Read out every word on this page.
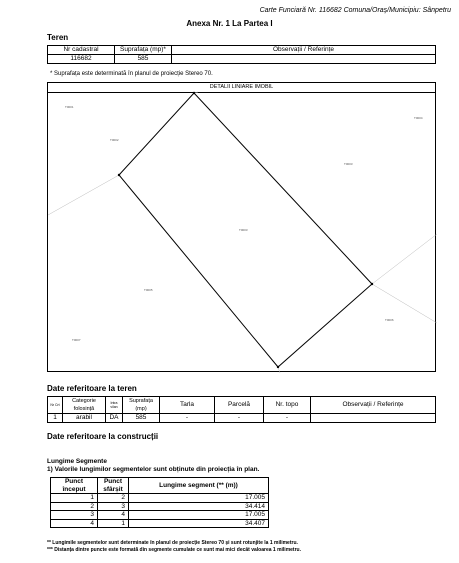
Carte Funciară Nr. 116682 Comuna/Oraș/Municipiu: Sânpetru
Anexa Nr. 1 La Partea I
Teren
Nr cadastral	Suprafața (mp)*	Observații / Referințe
116682	585	
* Suprafața este determinată în planul de proiecție Stereo 70.
DETALII LINIARE IMOBIL
T0001
T0002
T0003
T0004
T0005
T0006
T0007
T0003
Date referitoare la teren
Nr Crt	Categorie folosință	Intra vilan	Suprafața (mp)	Tarla	Parcelă	Nr. topo	Observații / Referințe
1	arabil	DA	585	-	-	-	
Date referitoare la construcții
Lungime Segmente
1) Valorile lungimilor segmentelor sunt obținute din proiecția în plan.
Punct început	Punct sfârșit	Lungime segment (** (m))
1	2	17.005
2	3	34.414
3	4	17.005
4	1	34.407
** Lungimile segmentelor sunt determinate în planul de proiecție Stereo 70 și sunt rotunjite la 1 milimetru.
*** Distanța dintre puncte este formată din segmente cumulate ce sunt mai mici decât valoarea 1 milimetru.
